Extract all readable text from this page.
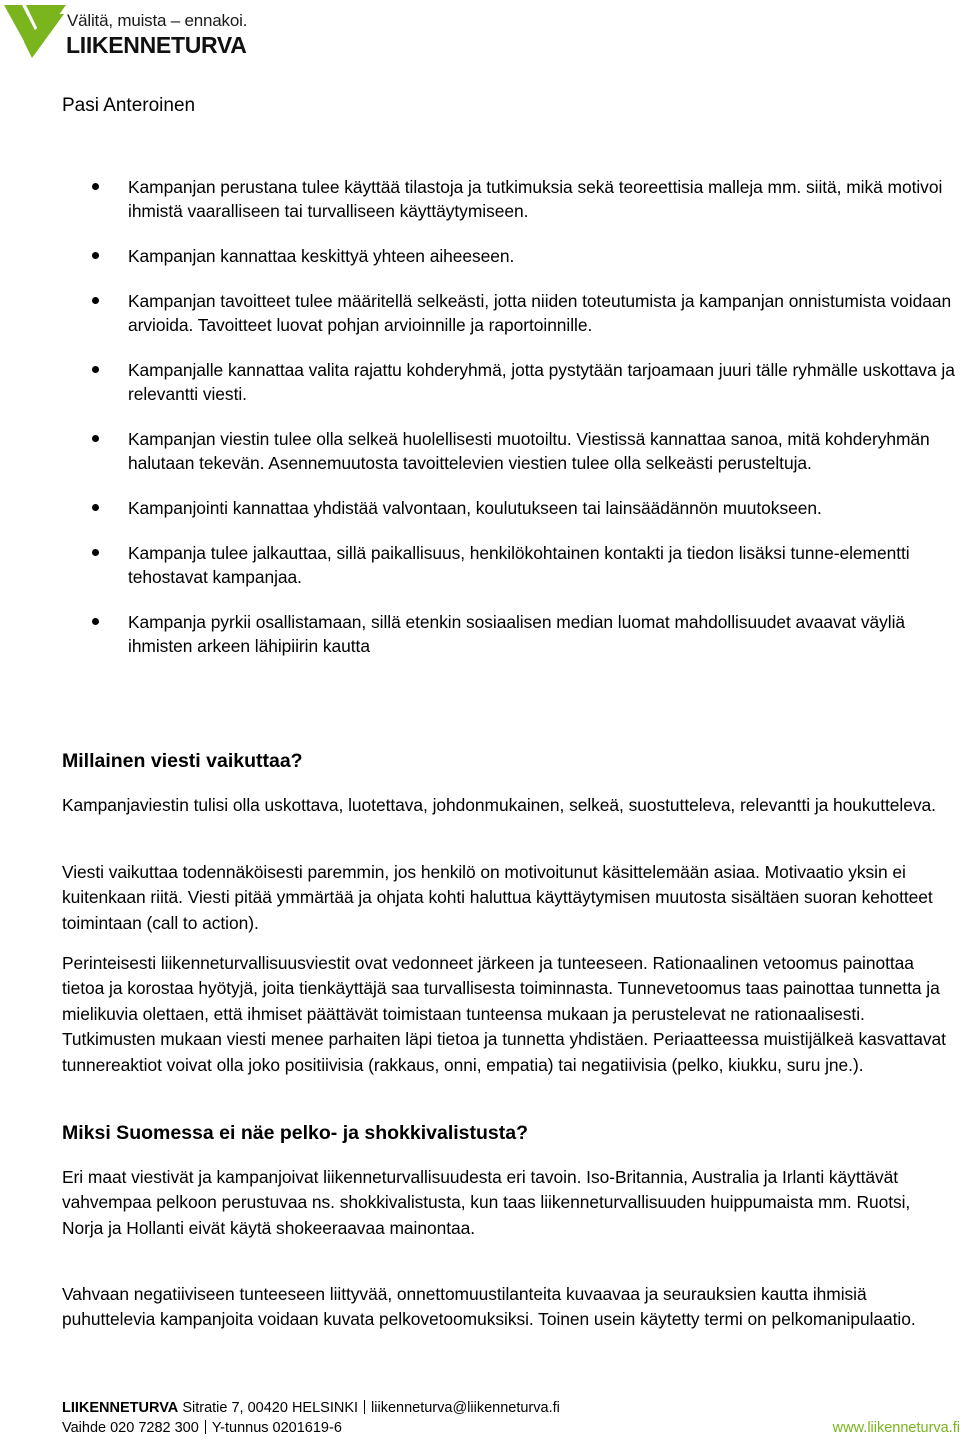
Välitä, muista – ennakoi.
LIIKENNETURVA
Pasi Anteroinen
Kampanjan perustana tulee käyttää tilastoja ja tutkimuksia sekä teoreettisia malleja mm. siitä, mikä motivoi ihmistä vaaralliseen tai turvalliseen käyttäytymiseen.
Kampanjan kannattaa keskittyä yhteen aiheeseen.
Kampanjan tavoitteet tulee määritellä selkeästi, jotta niiden toteutumista ja kampanjan onnistumista voidaan arvioida. Tavoitteet luovat pohjan arvioinnille ja raportoinnille.
Kampanjalle kannattaa valita rajattu kohderyhmä, jotta pystytään tarjoamaan juuri tälle ryhmälle uskottava ja relevantti viesti.
Kampanjan viestin tulee olla selkeä huolellisesti muotoiltu. Viestissä kannattaa sanoa, mitä kohderyhmän halutaan tekevän. Asennemuutosta tavoittelevien viestien tulee olla selkeästi perusteltuja.
Kampanjointi kannattaa yhdistää valvontaan, koulutukseen tai lainsäädännön muutokseen.
Kampanja tulee jalkauttaa, sillä paikallisuus, henkilökohtainen kontakti ja tiedon lisäksi tunne-elementti tehostavat kampanjaa.
Kampanja pyrkii osallistamaan, sillä etenkin sosiaalisen median luomat mahdollisuudet avaavat väyliä ihmisten arkeen lähipiirin kautta
Millainen viesti vaikuttaa?

Kampanjaviestin tulisi olla uskottava, luotettava, johdonmukainen, selkeä, suostutteleva, relevantti ja houkutteleva.

Viesti vaikuttaa todennäköisesti paremmin, jos henkilö on motivoitunut käsittelemään asiaa. Motivaatio yksin ei kuitenkaan riitä. Viesti pitää ymmärtää ja ohjata kohti haluttua käyttäytymisen muutosta sisältäen suoran kehotteet toimintaan (call to action).

Perinteisesti liikenneturvallisuusviestit ovat vedonneet järkeen ja tunteeseen. Rationaalinen vetoomus painottaa tietoa ja korostaa hyötyjä, joita tienkäyttäjä saa turvallisesta toiminnasta. Tunnevetoomus taas painottaa tunnetta ja mielikuvia olettaen, että ihmiset päättävät toimistaan tunteensa mukaan ja perustelevat ne rationaalisesti. Tutkimusten mukaan viesti menee parhaiten läpi tietoa ja tunnetta yhdistäen. Periaatteessa muistijälkeä kasvattavat tunnereaktiot voivat olla joko positiivisia (rakkaus, onni, empatia) tai negatiivisia (pelko, kiukku, suru jne.).

Miksi Suomessa ei näe pelko- ja shokkivalistusta?

Eri maat viestivät ja kampanjoivat liikenneturvallisuudesta eri tavoin. Iso-Britannia, Australia ja Irlanti käyttävät vahvempaa pelkoon perustuvaa ns. shokkivalistusta, kun taas liikenneturvallisuuden huippumaista mm. Ruotsi, Norja ja Hollanti eivät käytä shokeeraavaa mainontaa.

Vahvaan negatiiviseen tunteeseen liittyvää, onnettomuustilanteita kuvaavaa ja seurauksien kautta ihmisiä puhuttelevia kampanjoita voidaan kuvata pelkovetoomuksiksi. Toinen usein käytetty termi on pelkomanipulaatio.

LIIKENNETURVA Sitratie 7, 00420 HELSINKI liikenneturva@liikenneturva.fi
Vaihde 020 7282 300 Y-tunnus 0201619-6	www.liikenneturva.fi
